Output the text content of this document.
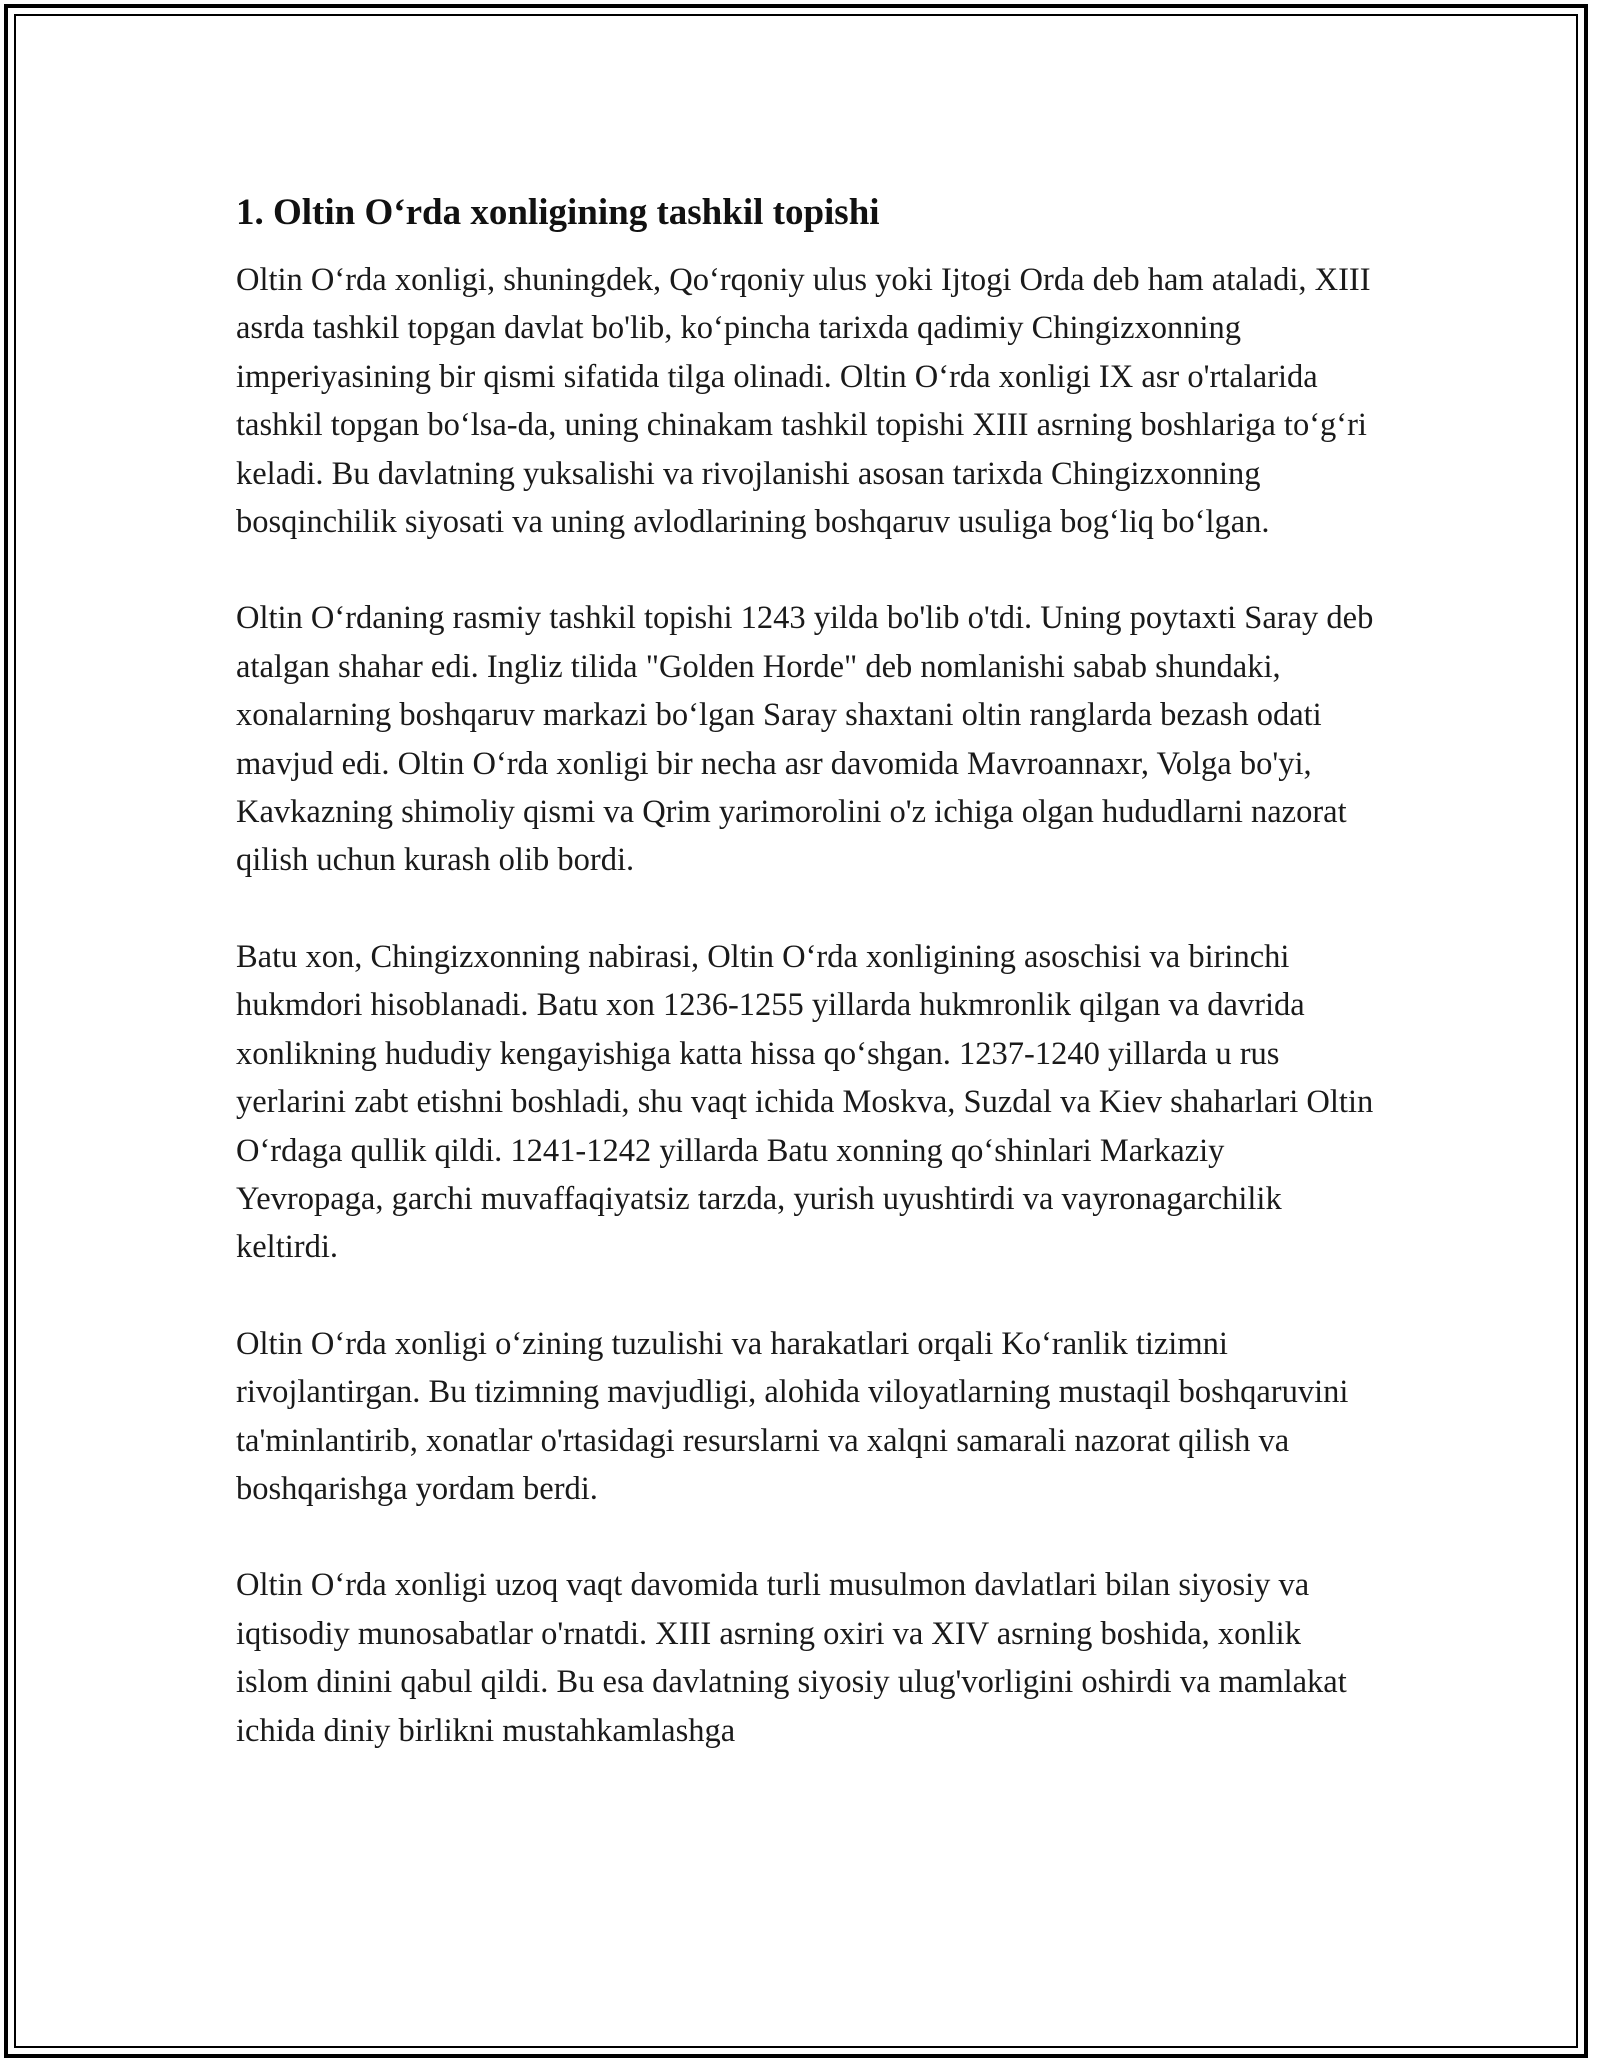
1. Oltin O‘rda xonligining tashkil topishi

Oltin O‘rda xonligi, shuningdek, Qo‘rqoniy ulus yoki Ijtogi Orda deb ham ataladi, XIII asrda tashkil topgan davlat bo'lib, ko‘pincha tarixda qadimiy Chingizxonning imperiyasining bir qismi sifatida tilga olinadi. Oltin O‘rda xonligi IX asr o'rtalarida tashkil topgan bo‘lsa-da, uning chinakam tashkil topishi XIII asrning boshlariga to‘g‘ri keladi. Bu davlatning yuksalishi va rivojlanishi asosan tarixda Chingizxonning bosqinchilik siyosati va uning avlodlarining boshqaruv usuliga bog‘liq bo‘lgan.

Oltin O‘rdaning rasmiy tashkil topishi 1243 yilda bo'lib o'tdi. Uning poytaxti Saray deb atalgan shahar edi. Ingliz tilida "Golden Horde" deb nomlanishi sabab shundaki, xonalarning boshqaruv markazi bo‘lgan Saray shaxtani oltin ranglarda bezash odati mavjud edi. Oltin O‘rda xonligi bir necha asr davomida Mavroannaxr, Volga bo'yi, Kavkazning shimoliy qismi va Qrim yarimorolini o'z ichiga olgan hududlarni nazorat qilish uchun kurash olib bordi.

Batu xon, Chingizxonning nabirasi, Oltin O‘rda xonligining asoschisi va birinchi hukmdori hisoblanadi. Batu xon 1236-1255 yillarda hukmronlik qilgan va davrida xonlikning hududiy kengayishiga katta hissa qo‘shgan. 1237-1240 yillarda u rus yerlarini zabt etishni boshladi, shu vaqt ichida Moskva, Suzdal va Kiev shaharlari Oltin O‘rdaga qullik qildi. 1241-1242 yillarda Batu xonning qo‘shinlari Markaziy Yevropaga, garchi muvaffaqiyatsiz tarzda, yurish uyushtirdi va vayronagarchilik keltirdi.

Oltin O‘rda xonligi o‘zining tuzulishi va harakatlari orqali Ko‘ranlik tizimni rivojlantirgan. Bu tizimning mavjudligi, alohida viloyatlarning mustaqil boshqaruvini ta'minlantirib, xonatlar o'rtasidagi resurslarni va xalqni samarali nazorat qilish va boshqarishga yordam berdi.

Oltin O‘rda xonligi uzoq vaqt davomida turli musulmon davlatlari bilan siyosiy va iqtisodiy munosabatlar o'rnatdi. XIII asrning oxiri va XIV asrning boshida, xonlik islom dinini qabul qildi. Bu esa davlatning siyosiy ulug'vorligini oshirdi va mamlakat ichida diniy birlikni mustahkamlashga
